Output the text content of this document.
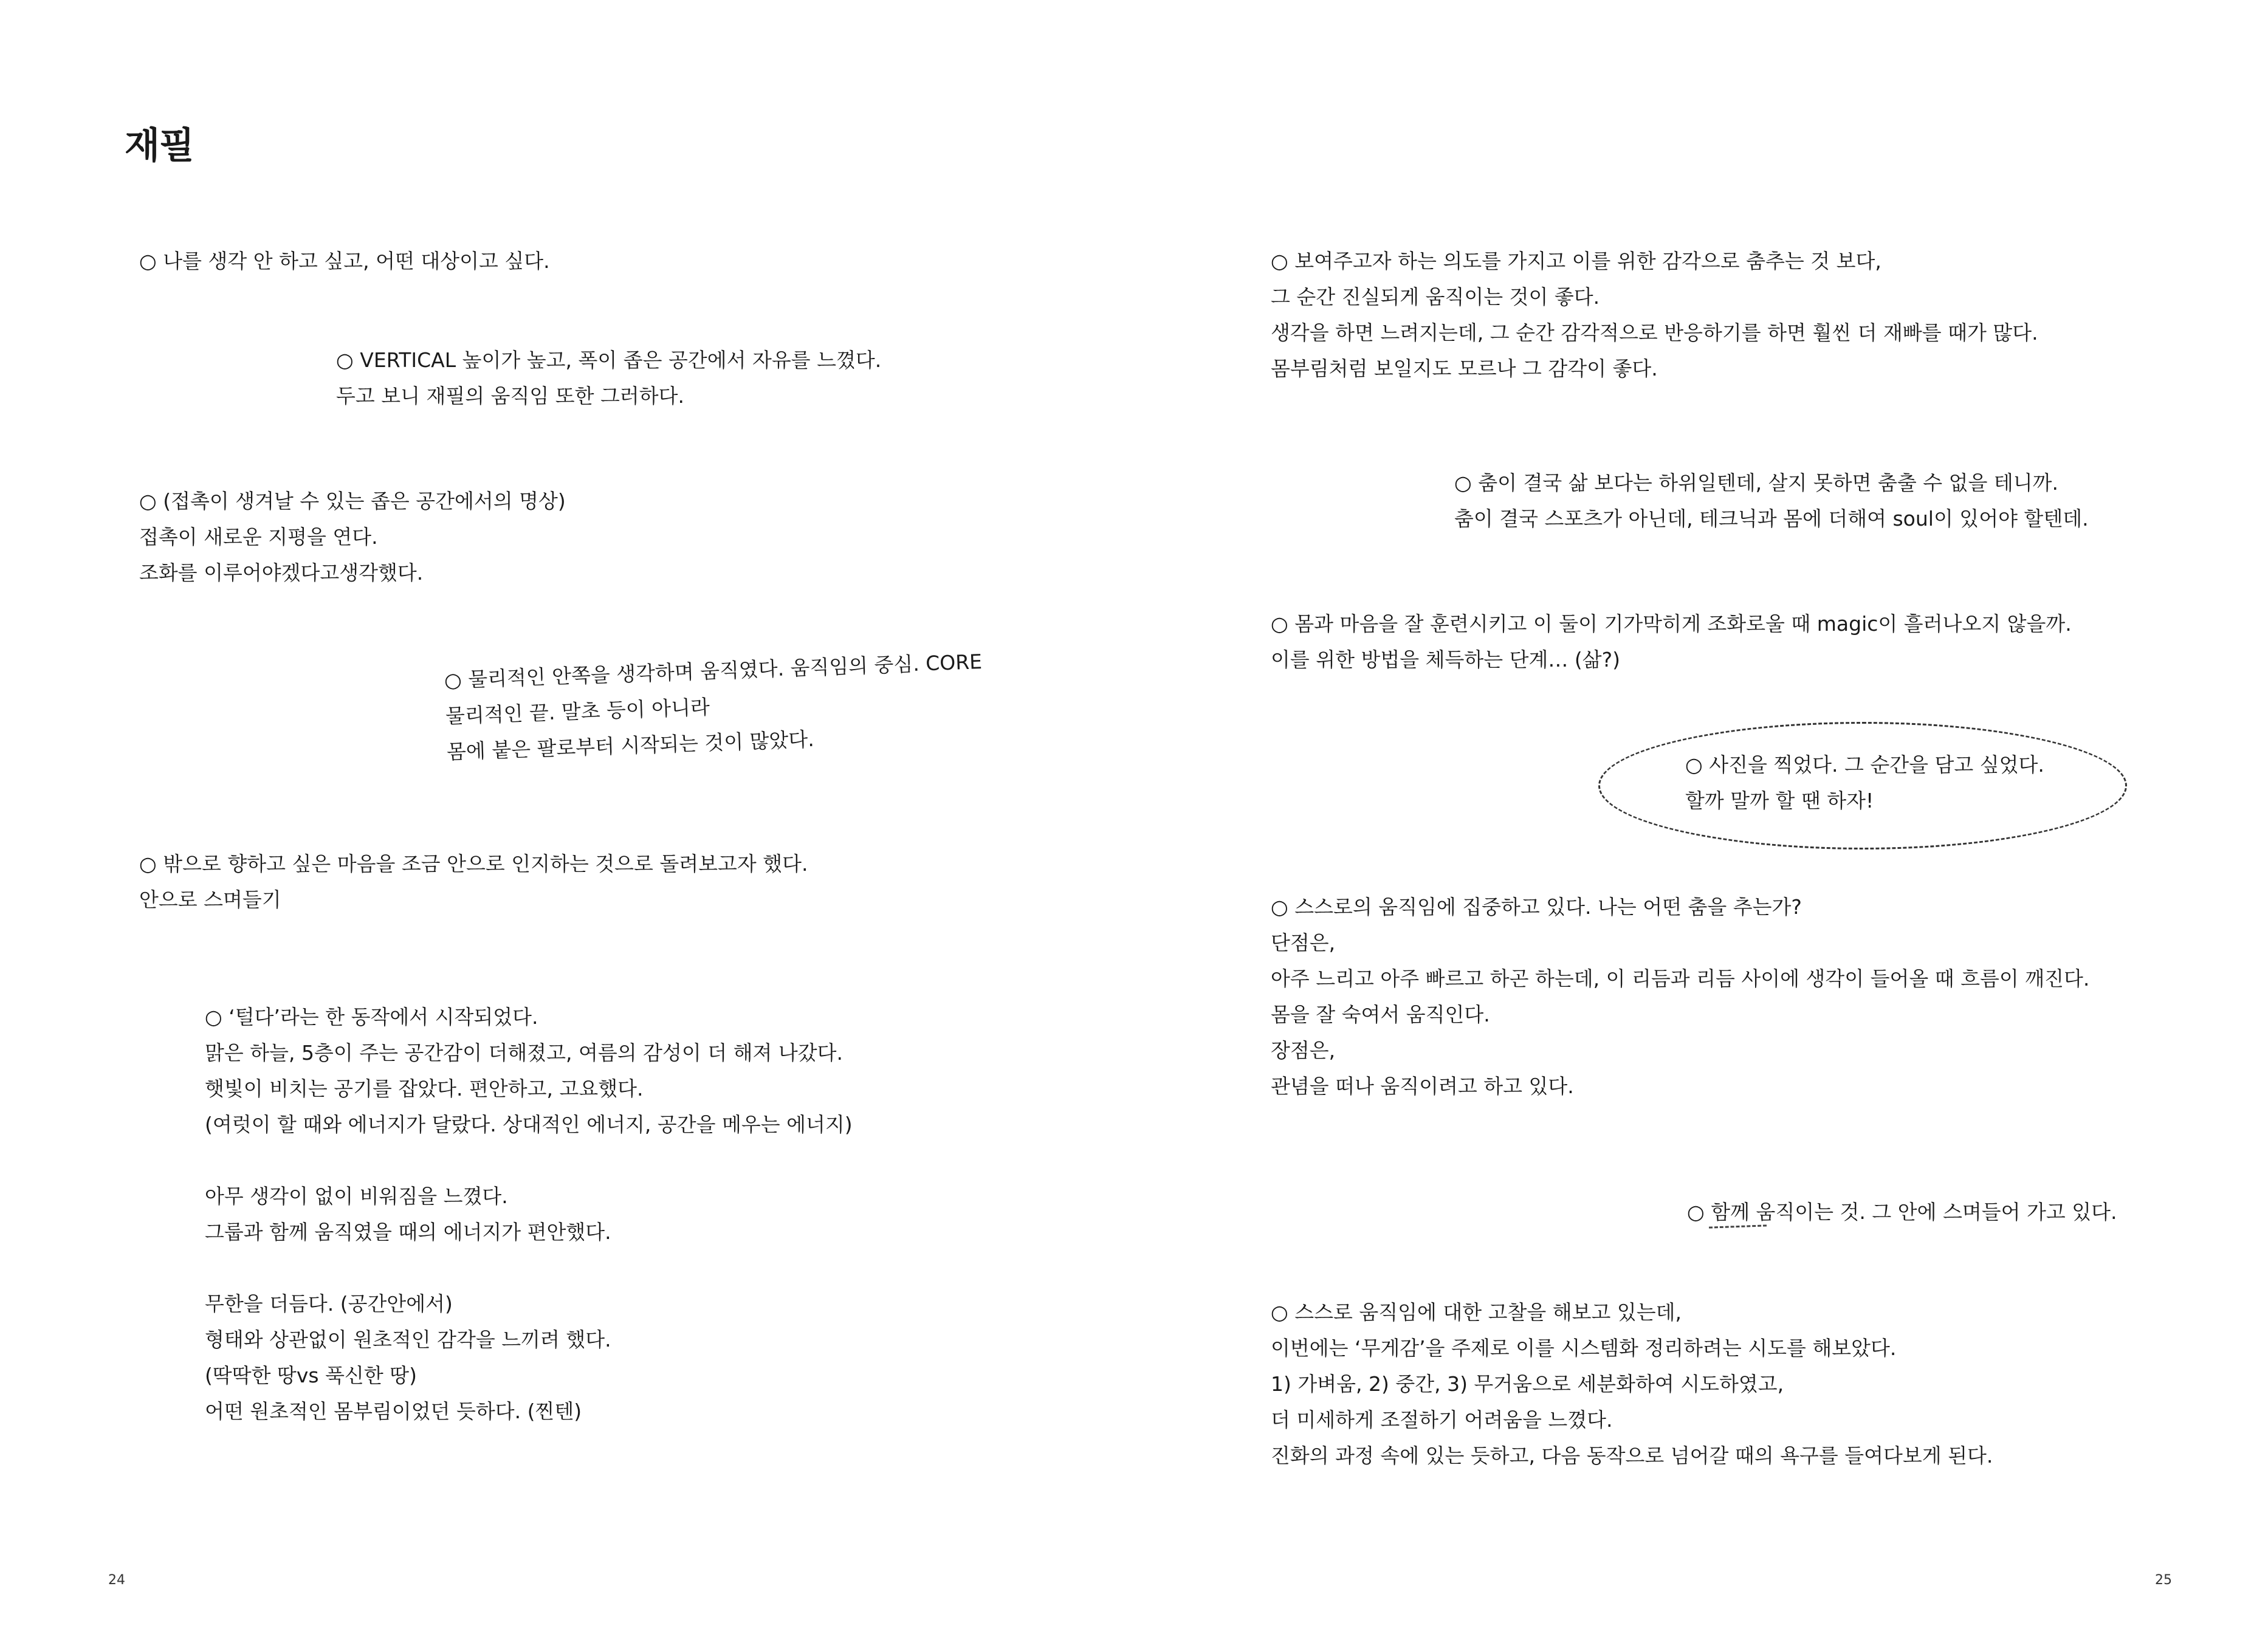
재필
○ 나를 생각 안 하고 싶고, 어떤 대상이고 싶다.
○ VERTICAL 높이가 높고, 폭이 좁은 공간에서 자유를 느꼈다.
두고 보니 재필의 움직임 또한 그러하다.
○ (접촉이 생겨날 수 있는 좁은 공간에서의 명상)
접촉이 새로운 지평을 연다.
조화를 이루어야겠다고생각했다.
○ 물리적인 안쪽을 생각하며 움직였다. 움직임의 중심. CORE
물리적인 끝. 말초 등이 아니라
몸에 붙은 팔로부터 시작되는 것이 많았다.
○ 밖으로 향하고 싶은 마음을 조금 안으로 인지하는 것으로 돌려보고자 했다.
안으로 스며들기
○ ‘털다’라는 한 동작에서 시작되었다.
맑은 하늘, 5층이 주는 공간감이 더해졌고, 여름의 감성이 더 해져 나갔다.
햇빛이 비치는 공기를 잡았다. 편안하고, 고요했다.
(여럿이 할 때와 에너지가 달랐다. 상대적인 에너지, 공간을 메우는 에너지)

아무 생각이 없이 비워짐을 느꼈다.
그룹과 함께 움직였을 때의 에너지가 편안했다.

무한을 더듬다. (공간안에서)
형태와 상관없이 원초적인 감각을 느끼려 했다.
(딱딱한 땅vs 푹신한 땅)
어떤 원초적인 몸부림이었던 듯하다. (찐텐)
24
○ 보여주고자 하는 의도를 가지고 이를 위한 감각으로 춤추는 것 보다,
그 순간 진실되게 움직이는 것이 좋다.
생각을 하면 느려지는데, 그 순간 감각적으로 반응하기를 하면 훨씬 더 재빠를 때가 많다.
몸부림처럼 보일지도 모르나 그 감각이 좋다.
○ 춤이 결국 삶 보다는 하위일텐데, 살지 못하면 춤출 수 없을 테니까.
춤이 결국 스포츠가 아닌데, 테크닉과 몸에 더해여 soul이 있어야 할텐데.
○ 몸과 마음을 잘 훈련시키고 이 둘이 기가막히게 조화로울 때 magic이 흘러나오지 않을까.
이를 위한 방법을 체득하는 단계… (삶?)
○ 사진을 찍었다. 그 순간을 담고 싶었다.
할까 말까 할 땐 하자!
○ 스스로의 움직임에 집중하고 있다. 나는 어떤 춤을 추는가?
단점은,
아주 느리고 아주 빠르고 하곤 하는데, 이 리듬과 리듬 사이에 생각이 들어올 때 흐름이 깨진다.
몸을 잘 숙여서 움직인다.
장점은,
관념을 떠나 움직이려고 하고 있다.
○ 함께 움직이는 것. 그 안에 스며들어 가고 있다.
○ 스스로 움직임에 대한 고찰을 해보고 있는데,
이번에는 ‘무게감’을 주제로 이를 시스템화 정리하려는 시도를 해보았다.
1) 가벼움, 2) 중간, 3) 무거움으로 세분화하여 시도하였고,
더 미세하게 조절하기 어려움을 느꼈다.
진화의 과정 속에 있는 듯하고, 다음 동작으로 넘어갈 때의 욕구를 들여다보게 된다.
25
